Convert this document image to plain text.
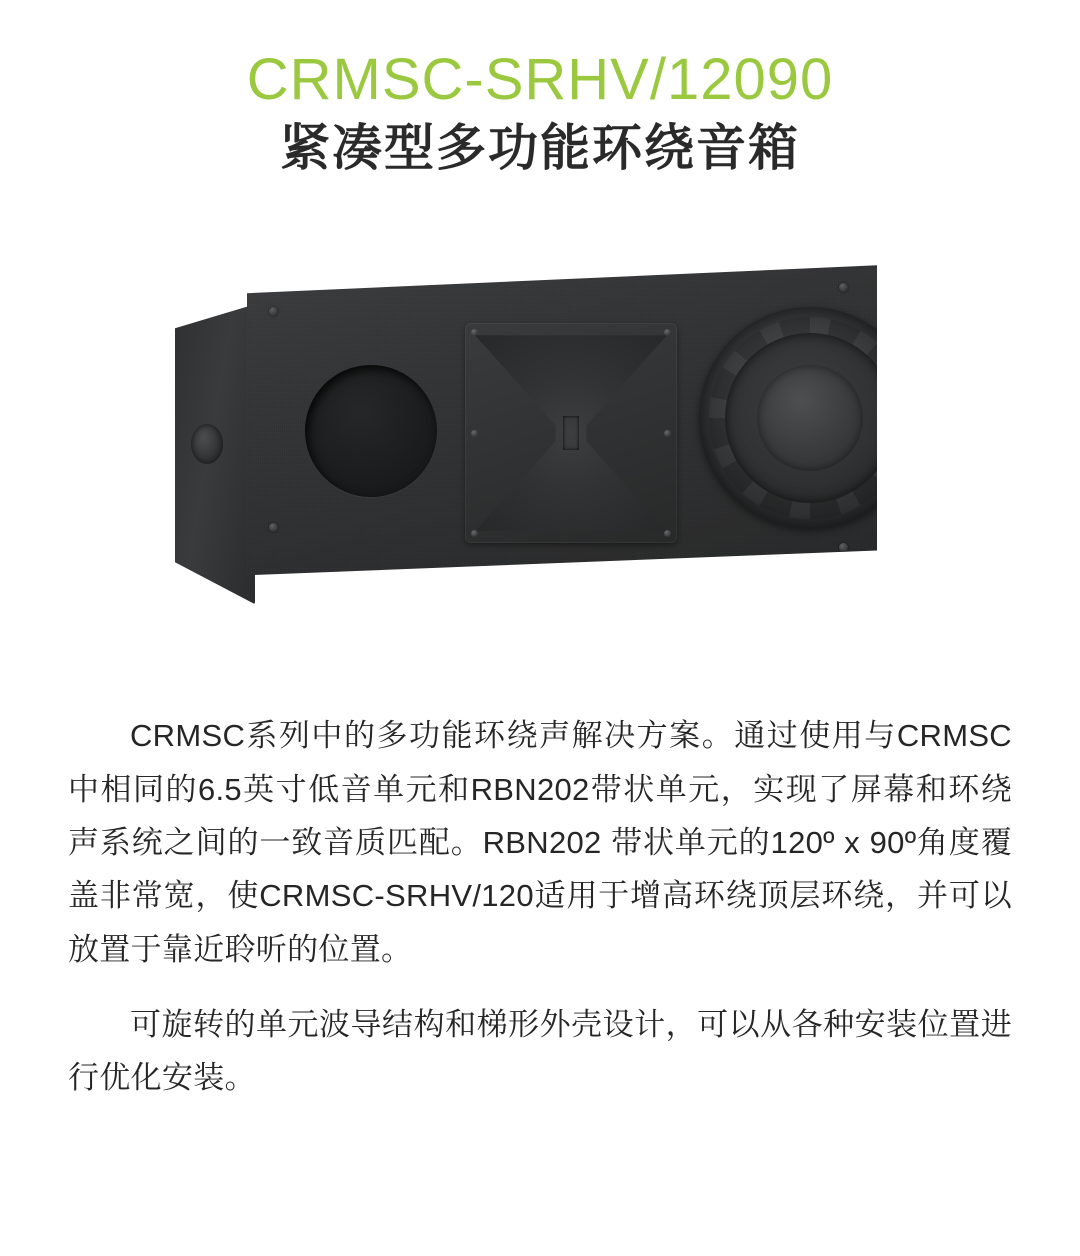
CRMSC-SRHV/12090
紧凑型多功能环绕音箱

CRMSC系列中的多功能环绕声解决方案。通过使用与CRMSC中相同的6.5英寸低音单元和RBN202带状单元，实现了屏幕和环绕声系统之间的一致音质匹配。RBN202 带状单元的120º x 90º角度覆盖非常宽，使CRMSC-SRHV/120适用于增高环绕顶层环绕，并可以放置于靠近聆听的位置。

可旋转的单元波导结构和梯形外壳设计，可以从各种安装位置进行优化安装。
